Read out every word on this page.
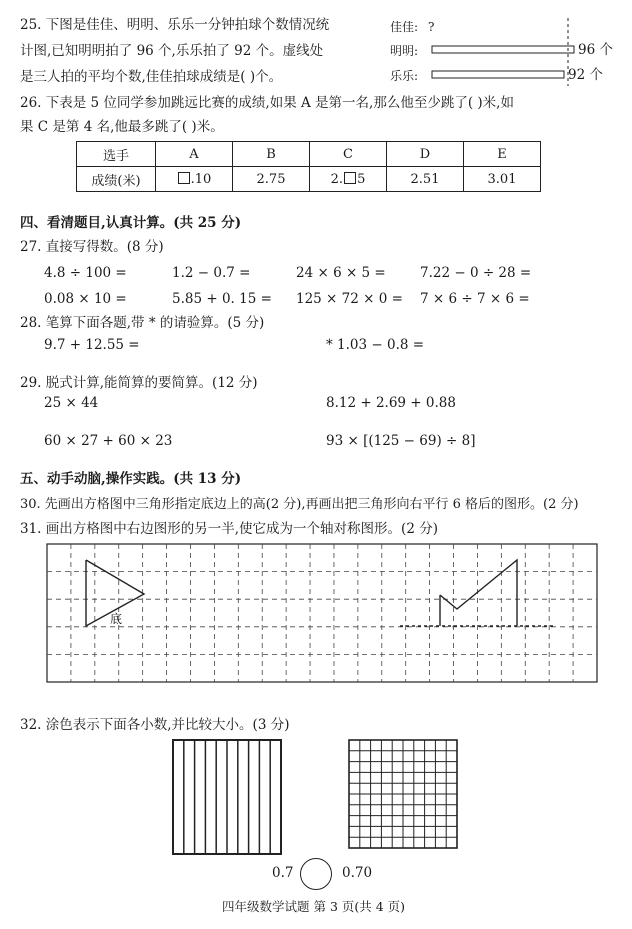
25. 下图是佳佳、明明、乐乐一分钟拍球个数情况统
计图,已知明明拍了 96 个,乐乐拍了 92 个。虚线处
是三人拍的平均个数,佳佳拍球成绩是( )个。
佳佳: ?
明明:	96 个
乐乐:	92 个
26. 下表是 5 位同学参加跳远比赛的成绩,如果 A 是第一名,那么他至少跳了( )米,如
果 C 是第 4 名,他最多跳了( )米。
选手	A	B	C	D	E
成绩(米)	.10	2.75	2. 5	2.51	3.01
四、看清题目,认真计算。(共 25 分)
27. 直接写得数。(8 分)
4.8 ÷ 100 =	1.2 − 0.7 =	24 × 6 × 5 =	7.22 − 0 ÷ 28 =
0.08 × 10 =	5.85 + 0. 15 = 125 × 72 × 0 = 7 × 6 ÷ 7 × 6 =
28. 笔算下面各题,带 * 的请验算。(5 分)
9.7 + 12.55 =	* 1.03 − 0.8 =
29. 脱式计算,能简算的要简算。(12 分)
25 × 44	8.12 + 2.69 + 0.88
60 × 27 + 60 × 23	93 × [(125 − 69) ÷ 8]
五、动手动脑,操作实践。(共 13 分)
30. 先画出方格图中三角形指定底边上的高(2 分),再画出把三角形向右平行 6 格后的图形。(2 分)
31. 画出方格图中右边图形的另一半,使它成为一个轴对称图形。(2 分)
底
32. 涂色表示下面各小数,并比较大小。(3 分)
0.7	0.70
四年级数学试题 第 3 页(共 4 页)
